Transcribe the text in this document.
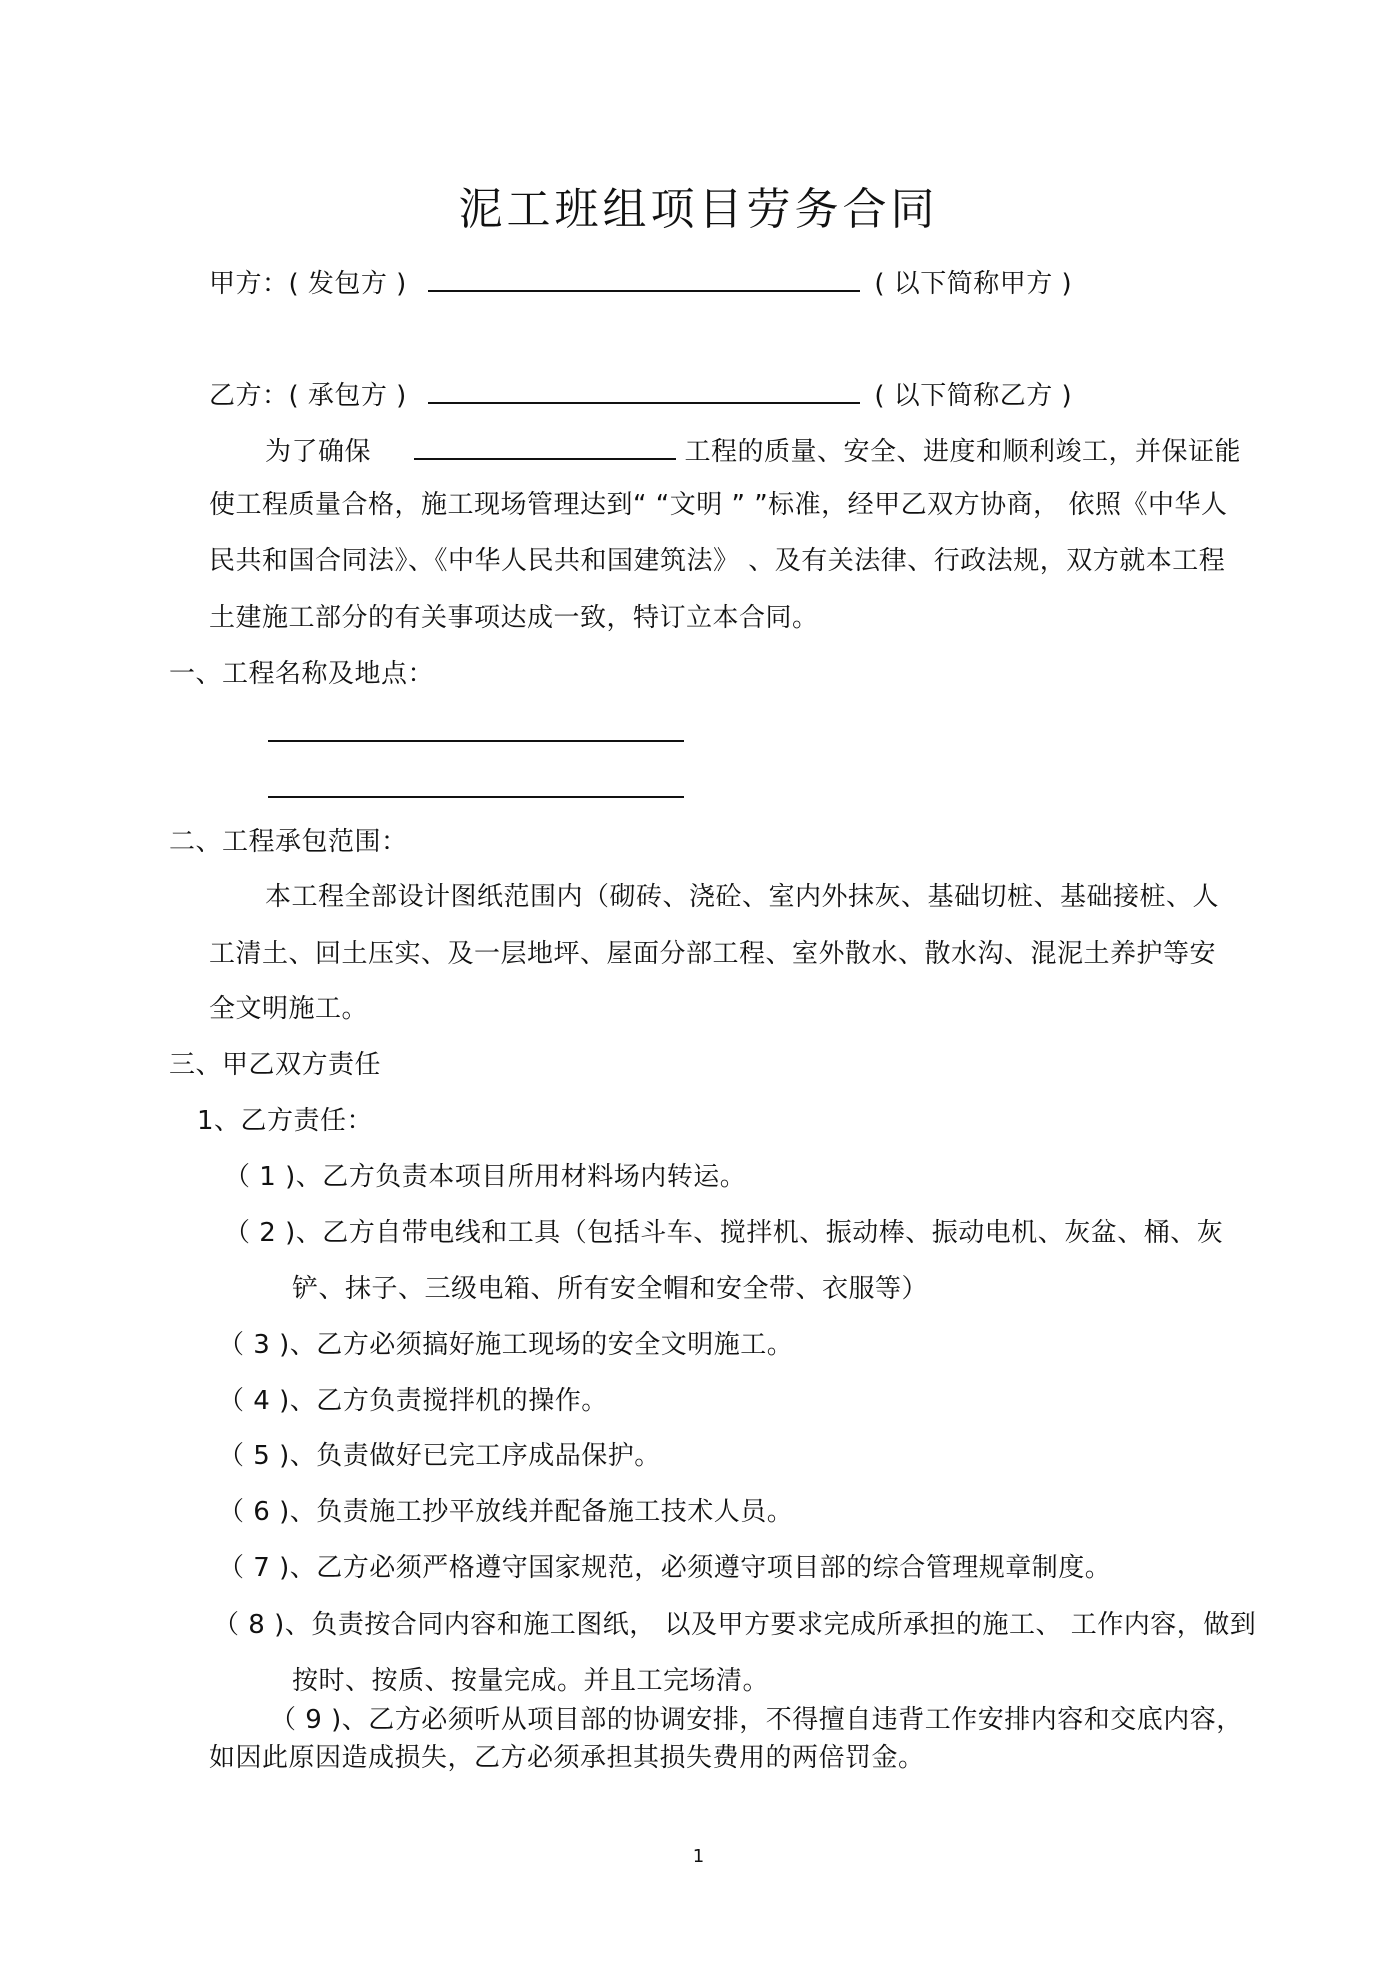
泥工班组项目劳务合同
甲方：( 发包方 )	( 以下简称甲方 )
乙方：( 承包方 )	( 以下简称乙方 )
为了确保	工程的质量、安全、进度和顺利竣工，并保证能
使工程质量合格，施工现场管理达到“ “文明 ” ”标准，经甲乙双方协商， 依照《中华人
民共和国合同法》、《中华人民共和国建筑法》 、及有关法律、行政法规，双方就本工程
土建施工部分的有关事项达成一致，特订立本合同。
一、工程名称及地点：
二、工程承包范围：
本工程全部设计图纸范围内（砌砖、浇砼、室内外抹灰、基础切桩、基础接桩、人
工清土、回土压实、及一层地坪、屋面分部工程、室外散水、散水沟、混泥土养护等安
全文明施工。
三、甲乙双方责任
1、乙方责任：
（ 1 )、乙方负责本项目所用材料场内转运。
（ 2 )、乙方自带电线和工具（包括斗车、搅拌机、振动棒、振动电机、灰盆、桶、灰
铲、抹子、三级电箱、所有安全帽和安全带、衣服等）
（ 3 )、乙方必须搞好施工现场的安全文明施工。
（ 4 )、乙方负责搅拌机的操作。
（ 5 )、负责做好已完工序成品保护。
（ 6 )、负责施工抄平放线并配备施工技术人员。
（ 7 )、乙方必须严格遵守国家规范，必须遵守项目部的综合管理规章制度。
（ 8 )、负责按合同内容和施工图纸， 以及甲方要求完成所承担的施工、 工作内容，做到
按时、按质、按量完成。并且工完场清。
（ 9 )、乙方必须听从项目部的协调安排，不得擅自违背工作安排内容和交底内容，
如因此原因造成损失，乙方必须承担其损失费用的两倍罚金。
1
